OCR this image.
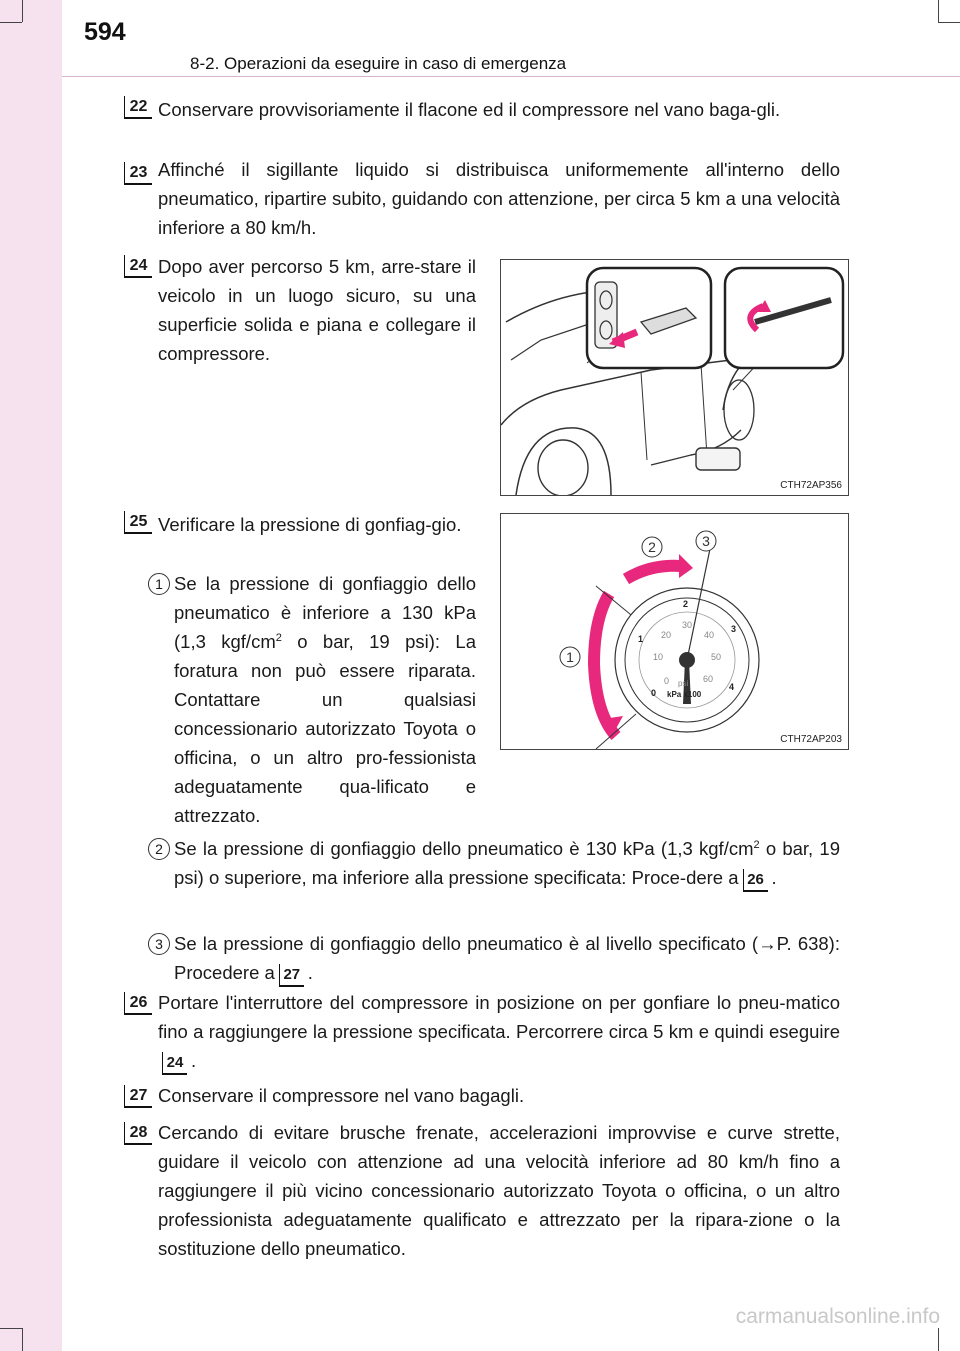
594
8-2. Operazioni da eseguire in caso di emergenza
22 Conservare provvisoriamente il flacone ed il compressore nel vano baga-gli.

23 Affinché il sigillante liquido si distribuisca uniformemente all'interno dello pneumatico, ripartire subito, guidando con attenzione, per circa 5 km a una velocità inferiore a 80 km/h.

24 Dopo aver percorso 5 km, arre-stare il veicolo in un luogo sicuro, su una superficie solida e piana e collegare il compressore.

CTH72AP356
25 Verificare la pressione di gonfiag-gio.

1 Se la pressione di gonfiaggio dello pneumatico è inferiore a 130 kPa (1,3 kgf/$cm^2$ o bar, 19 psi): La foratura non può essere riparata. Contattare un qualsiasi concessionario autorizzato Toyota o officina, o un altro pro-fessionista adeguatamente qua-lificato e attrezzato.

2	3
1
0
1
2
3
4
0
10
20
30
40
50
60
psi
kPa x100
CTH72AP203
2 Se la pressione di gonfiaggio dello pneumatico è 130 kPa (1,3 kgf/$cm^2$ o bar, 19 psi) o superiore, ma inferiore alla pressione specificata: Proce-dere a 26 .

3 Se la pressione di gonfiaggio dello pneumatico è al livello specificato (→P. 638): Procedere a 27 .

26 Portare l'interruttore del compressore in posizione on per gonfiare lo pneu-matico fino a raggiungere la pressione specificata. Percorrere circa 5 km e quindi eseguire24 .

27 Conservare il compressore nel vano bagagli.

28 Cercando di evitare brusche frenate, accelerazioni improvvise e curve strette, guidare il veicolo con attenzione ad una velocità inferiore ad 80 km/h fino a raggiungere il più vicino concessionario autorizzato Toyota o officina, o un altro professionista adeguatamente qualificato e attrezzato per la ripara-zione o la sostituzione dello pneumatico.

carmanualsonline.info
